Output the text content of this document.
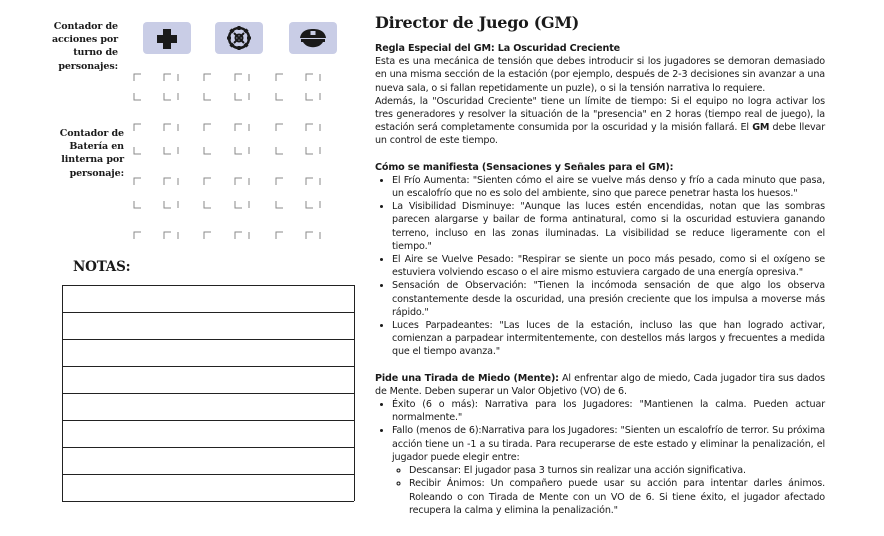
Contador de
acciones por
turno de
personajes:
Contador de
Batería en
linterna por
personaje:
NOTAS:
Director de Juego (GM)

Regla Especial del GM: La Oscuridad Creciente

Esta es una mecánica de tensión que debes introducir si los jugadores se demoran demasiado en una misma sección de la estación (por ejemplo, después de 2-3 decisiones sin avanzar a una nueva sala, o si fallan repetidamente un puzle), o si la tensión narrativa lo requiere.

Además, la "Oscuridad Creciente" tiene un límite de tiempo: Si el equipo no logra activar los tres generadores y resolver la situación de la "presencia" en 2 horas (tiempo real de juego), la estación será completamente consumida por la oscuridad y la misión fallará. El GM debe llevar un control de este tiempo.

Cómo se manifiesta (Sensaciones y Señales para el GM):

• El Frío Aumenta: "Sienten cómo el aire se vuelve más denso y frío a cada minuto que pasa, un escalofrío que no es solo del ambiente, sino que parece penetrar hasta los huesos."
• La Visibilidad Disminuye: "Aunque las luces estén encendidas, notan que las sombras parecen alargarse y bailar de forma antinatural, como si la oscuridad estuviera ganando terreno, incluso en las zonas iluminadas. La visibilidad se reduce ligeramente con el tiempo."
• El Aire se Vuelve Pesado: "Respirar se siente un poco más pesado, como si el oxígeno se estuviera volviendo escaso o el aire mismo estuviera cargado de una energía opresiva."
• Sensación de Observación: "Tienen la incómoda sensación de que algo los observa constantemente desde la oscuridad, una presión creciente que los impulsa a moverse más rápido."
• Luces Parpadeantes: "Las luces de la estación, incluso las que han logrado activar, comienzan a parpadear intermitentemente, con destellos más largos y frecuentes a medida que el tiempo avanza."

Pide una Tirada de Miedo (Mente): Al enfrentar algo de miedo, Cada jugador tira sus dados de Mente. Deben superar un Valor Objetivo (VO) de 6.

• Éxito (6 o más): Narrativa para los Jugadores: "Mantienen la calma. Pueden actuar normalmente."
• Fallo (menos de 6):Narrativa para los Jugadores: "Sienten un escalofrío de terror. Su próxima acción tiene un -1 a su tirada. Para recuperarse de este estado y eliminar la penalización, el jugador puede elegir entre:
◦ Descansar: El jugador pasa 3 turnos sin realizar una acción significativa.
◦ Recibir Ánimos: Un compañero puede usar su acción para intentar darles ánimos. Roleando o con Tirada de Mente con un VO de 6. Si tiene éxito, el jugador afectado recupera la calma y elimina la penalización."
